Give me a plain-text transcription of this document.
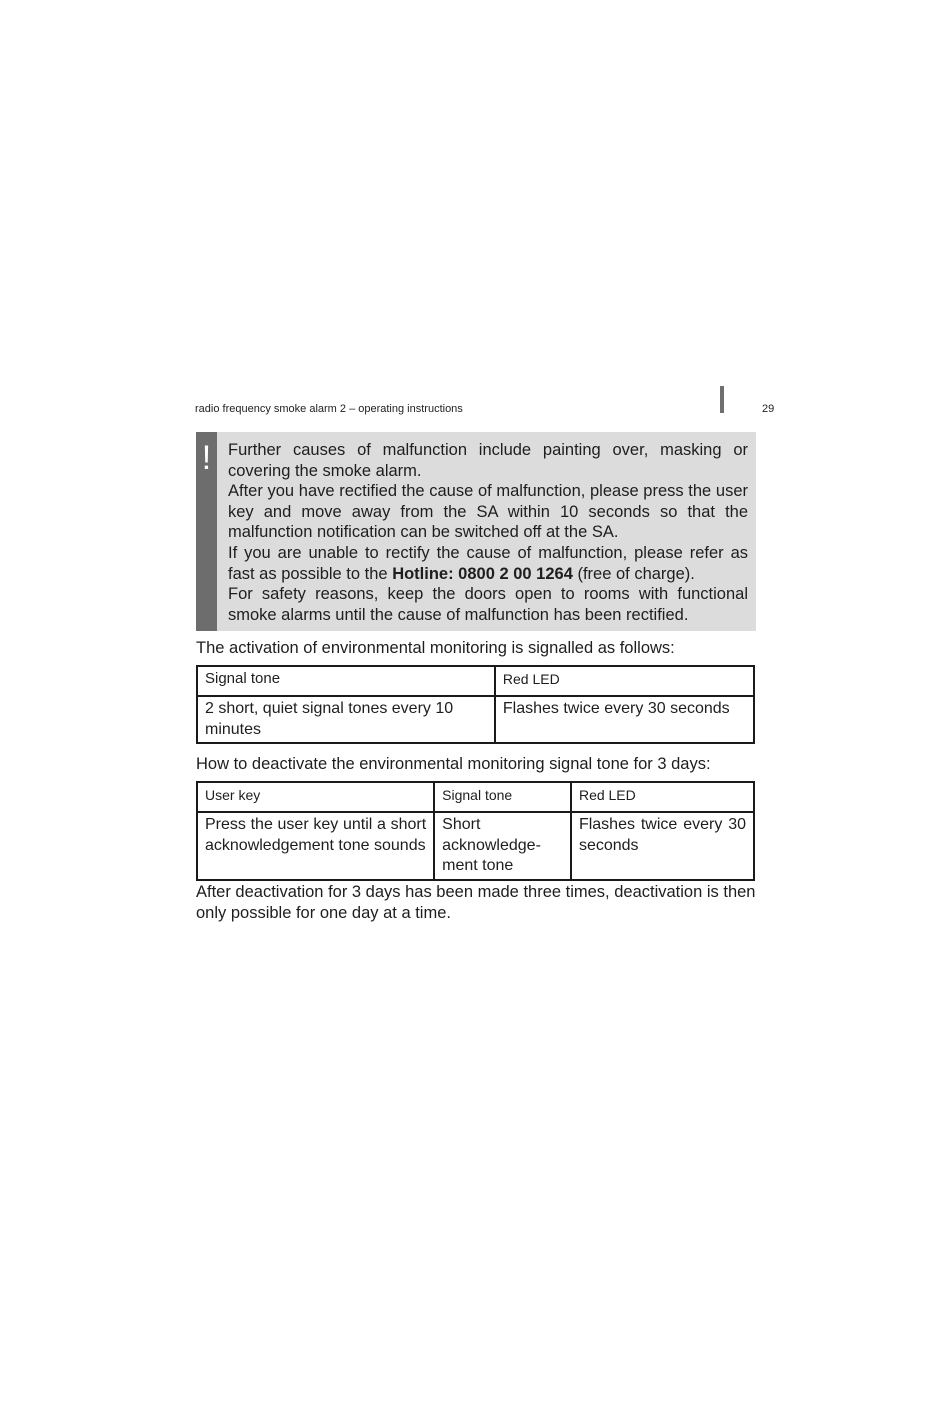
radio frequency smoke alarm 2 – operating instructions	29
!	Further causes of malfunction include painting over, masking or covering the smoke alarm.

After you have rectified the cause of malfunction, please press the user key and move away from the SA within 10 seconds so that the malfunction notification can be switched off at the SA.

If you are unable to rectify the cause of malfunction, please refer as fast as possible to the Hotline: 0800 2 00 1264 (free of charge).

For safety reasons, keep the doors open to rooms with functional smoke alarms until the cause of malfunction has been rectified.

The activation of environmental monitoring is signalled as follows:
Signal tone	Red LED
2 short, quiet signal tones every 10 minutes	Flashes twice every 30 seconds
How to deactivate the environmental monitoring signal tone for 3 days:
User key	Signal tone	Red LED
Press the user key until a short acknowledgement tone sounds	Short acknowledgement tone	Flashes twice every 30 seconds
After deactivation for 3 days has been made three times, deactivation is then only possible for one day at a time.
